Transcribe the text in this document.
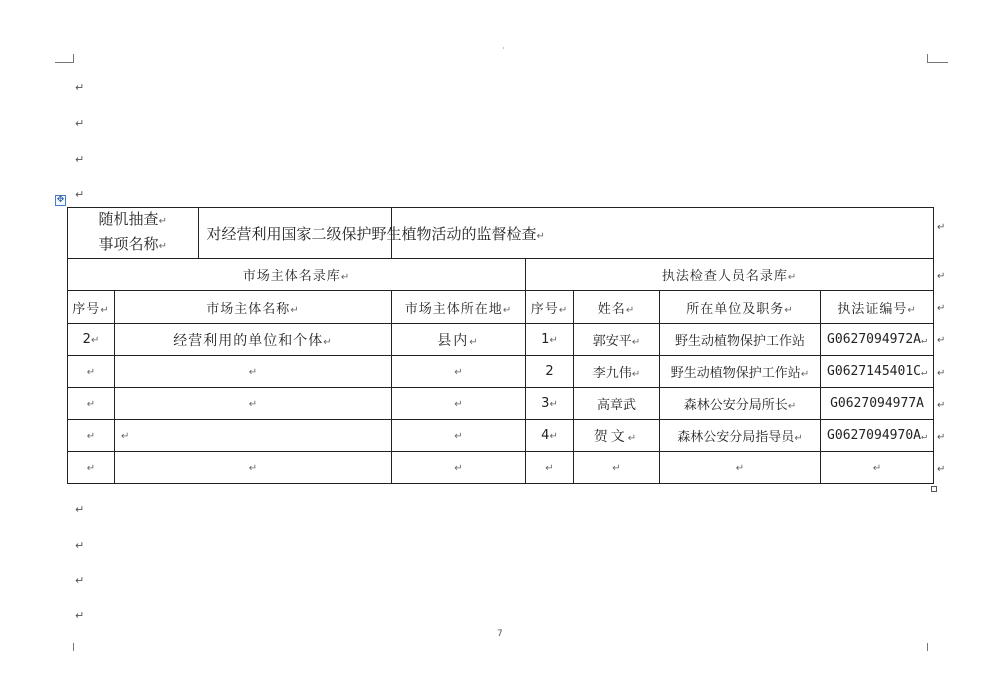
·
↵
↵
↵
↵
✥
随机抽查↵
事项名称↵
	对经营利用国家二级保护野生植物活动的监督检查↵

市场主体名录库↵	执法检查人员名录库↵
序号↵	市场主体名称↵	市场主体所在地↵	序号↵	姓名↵	所在单位及职务↵	执法证编号↵
2↵	经营利用的单位和个体↵	县内↵	1↵	郭安平↵	野生动植物保护工作站	G0627094972A↵
↵	↵	↵	2	李九伟↵	野生动植物保护工作站↵	G0627145401C↵
↵	↵	↵	3↵	高章武	森林公安分局所长↵	G0627094977A
↵	↵	↵	4↵	贺文↵	森林公安分局指导员↵	G0627094970A↵
↵	↵	↵	↵	↵	↵	↵
↵
↵
↵
↵
↵
↵
↵
↵
↵
↵
↵
↵
7
